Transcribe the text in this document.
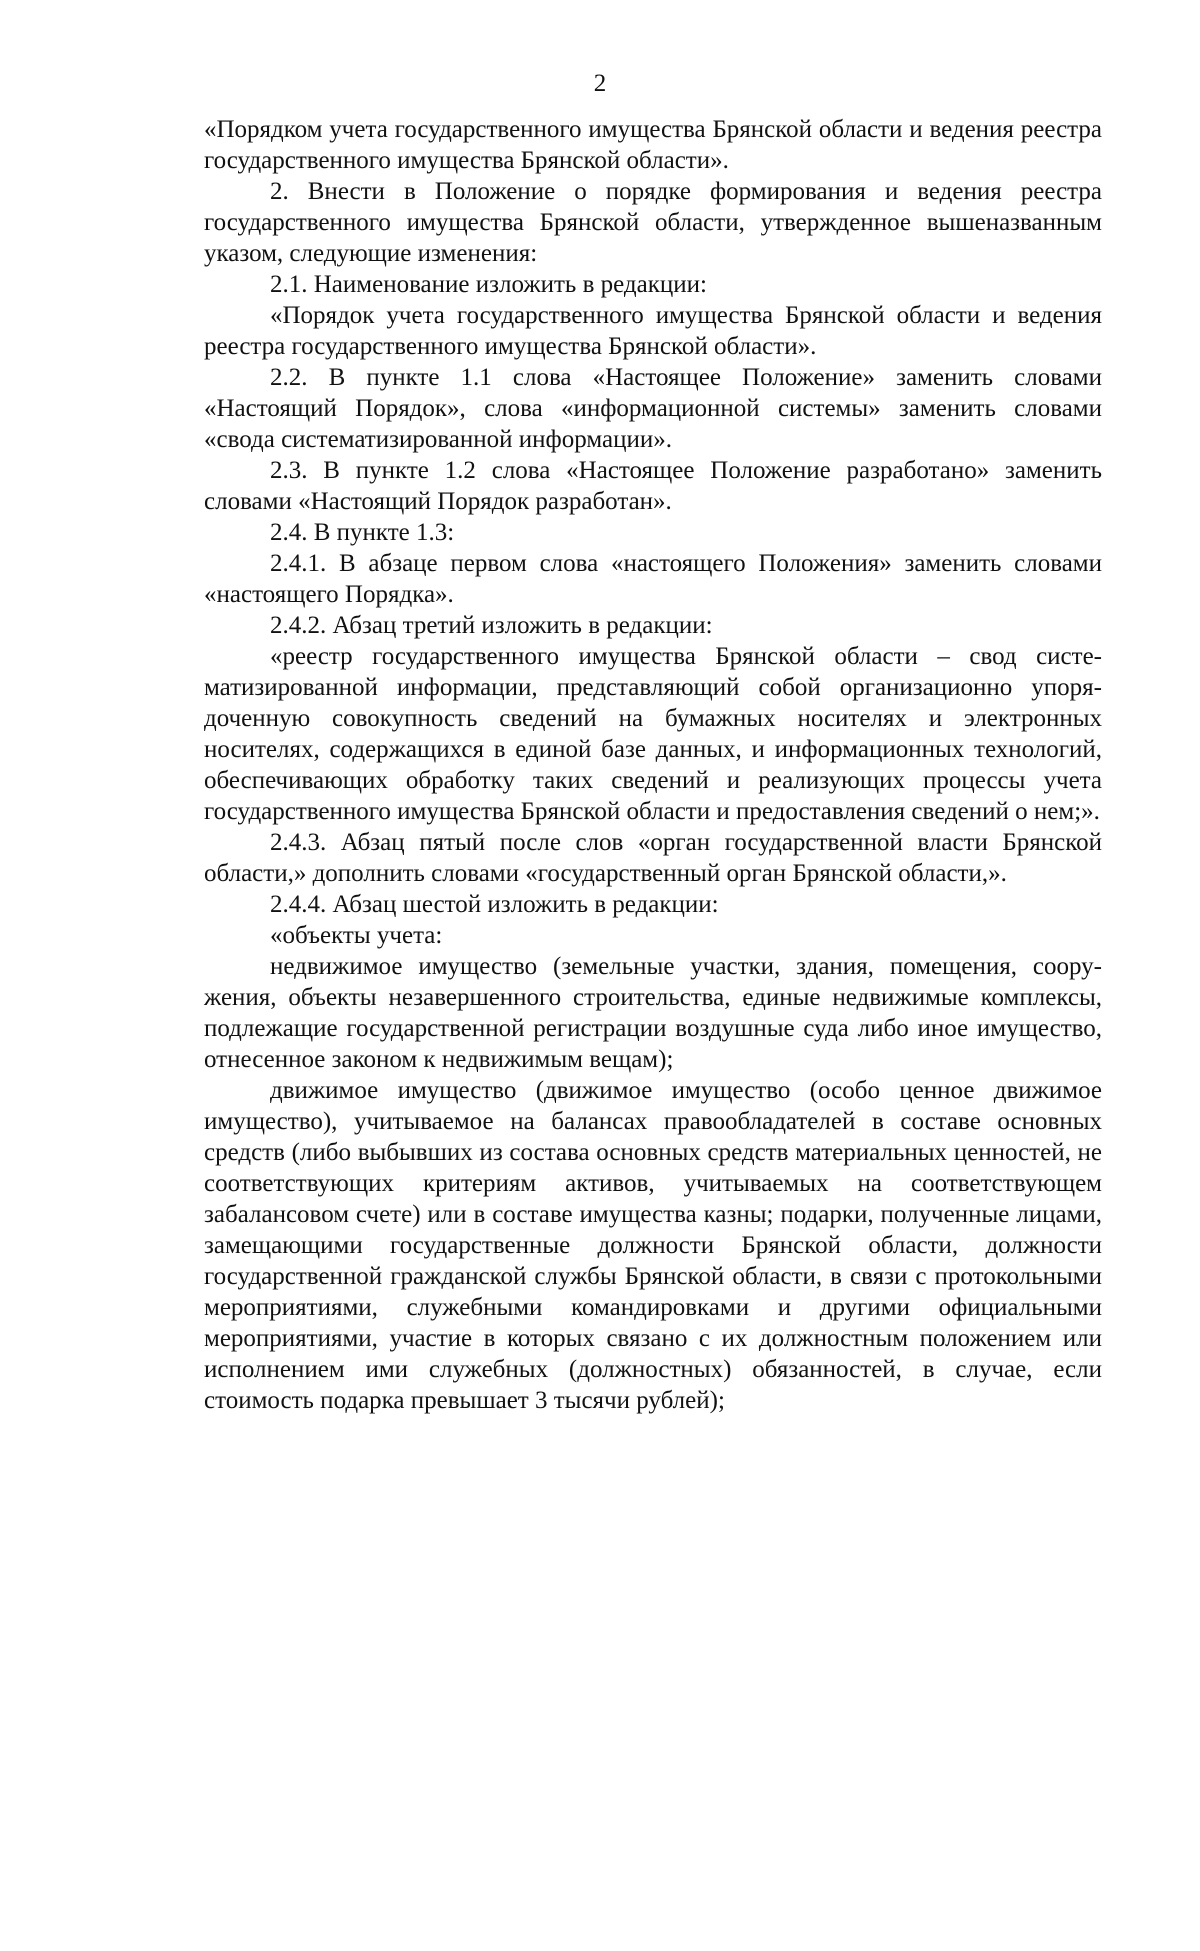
2

«Порядком учета государственного имущества Брянской области и ведения реестра государственного имущества Брянской области».

2. Внести в Положение о порядке формирования и ведения реестра государственного имущества Брянской области, утвержденное вышеназванным указом, следующие изменения:

2.1. Наименование изложить в редакции:

«Порядок учета государственного имущества Брянской области и ведения реестра государственного имущества Брянской области».

2.2. В пункте 1.1 слова «Настоящее Положение» заменить словами «Настоящий Порядок», слова «информационной системы» заменить словами «свода систематизированной информации».

2.3. В пункте 1.2 слова «Настоящее Положение разработано» заменить словами «Настоящий Порядок разработан».

2.4. В пункте 1.3:

2.4.1. В абзаце первом слова «настоящего Положения» заменить словами «настоящего Порядка».

2.4.2. Абзац третий изложить в редакции:

«реестр государственного имущества Брянской области – свод систематизированной информации, представляющий собой организационно упорядоченную совокупность сведений на бумажных носителях и электронных носителях, содержащихся в единой базе данных, и информационных технологий, обеспечивающих обработку таких сведений и реализующих процессы учета государственного имущества Брянской области и предоставления сведений о нем;».

2.4.3. Абзац пятый после слов «орган государственной власти Брянской области,» дополнить словами «государственный орган Брянской области,».

2.4.4. Абзац шестой изложить в редакции:

«объекты учета:

недвижимое имущество (земельные участки, здания, помещения, сооружения, объекты незавершенного строительства, единые недвижимые комплексы, подлежащие государственной регистрации воздушные суда либо иное имущество, отнесенное законом к недвижимым вещам);

движимое имущество (движимое имущество (особо ценное движимое имущество), учитываемое на балансах правообладателей в составе основных средств (либо выбывших из состава основных средств материальных ценностей, не соответствующих критериям активов, учитываемых на соответствующем забалансовом счете) или в составе имущества казны; подарки, полученные лицами, замещающими государственные должности Брянской области, должности государственной гражданской службы Брянской области, в связи с протокольными мероприятиями, служебными командировками и другими официальными мероприятиями, участие в которых связано с их должностным положением или исполнением ими служебных (должностных) обязанностей, в случае, если стоимость подарка превышает 3 тысячи рублей);
